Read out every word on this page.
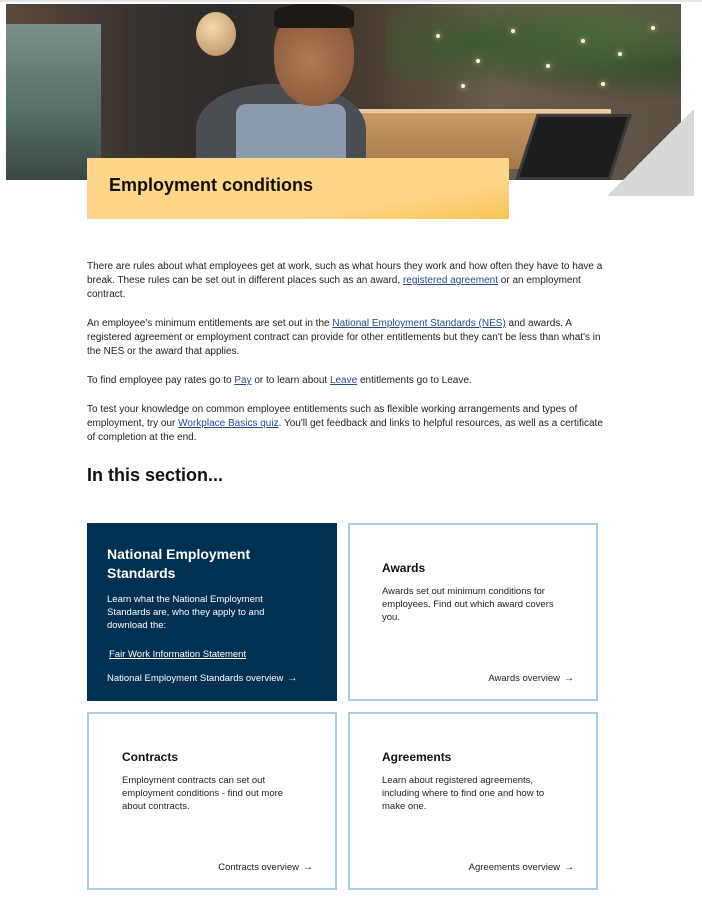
Employment conditions

There are rules about what employees get at work, such as what hours they work and how often they have to have a break. These rules can be set out in different places such as an award, registered agreement or an employment contract.

An employee's minimum entitlements are set out in the National Employment Standards (NES) and awards. A registered agreement or employment contract can provide for other entitlements but they can't be less than what's in the NES or the award that applies.

To find employee pay rates go to Pay or to learn about Leave entitlements go to Leave.

To test your knowledge on common employee entitlements such as flexible working arrangements and types of employment, try our Workplace Basics quiz. You'll get feedback and links to helpful resources, as well as a certificate of completion at the end.

In this section...
National Employment Standards

Learn what the National Employment Standards are, who they apply to and download the:

Fair Work Information Statement
National Employment Standards overview →
Awards

Awards set out minimum conditions for employees. Find out which award covers you.

Awards overview →
Contracts

Employment contracts can set out employment conditions - find out more about contracts.

Contracts overview →
Agreements

Learn about registered agreements, including where to find one and how to make one.

Agreements overview →
